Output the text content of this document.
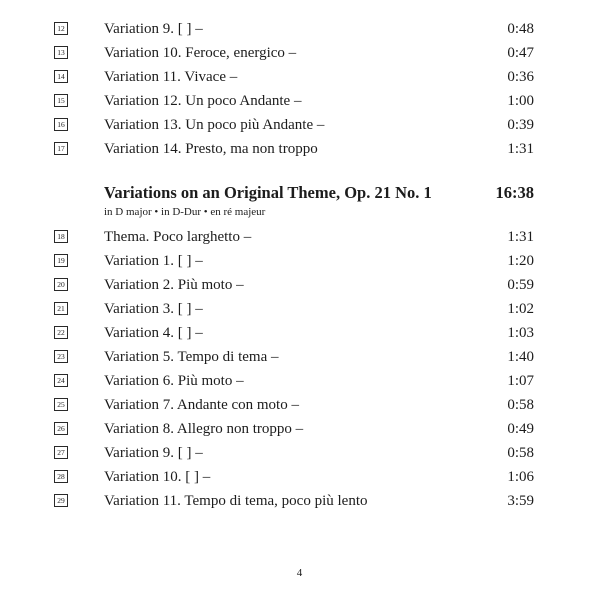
12	Variation 9. [ ] –	0:48
13	Variation 10. Feroce, energico –	0:47
14	Variation 11. Vivace –	0:36
15	Variation 12. Un poco Andante –	1:00
16	Variation 13. Un poco più Andante –	0:39
17	Variation 14. Presto, ma non troppo	1:31
Variations on an Original Theme, Op. 21 No. 1	16:38
in D major • in D-Dur • en ré majeur
18	Thema. Poco larghetto –	1:31
19	Variation 1. [ ] –	1:20
20	Variation 2. Più moto –	0:59
21	Variation 3. [ ] –	1:02
22	Variation 4. [ ] –	1:03
23	Variation 5. Tempo di tema –	1:40
24	Variation 6. Più moto –	1:07
25	Variation 7. Andante con moto –	0:58
26	Variation 8. Allegro non troppo –	0:49
27	Variation 9. [ ] –	0:58
28	Variation 10. [ ] –	1:06
29	Variation 11. Tempo di tema, poco più lento	3:59
4
